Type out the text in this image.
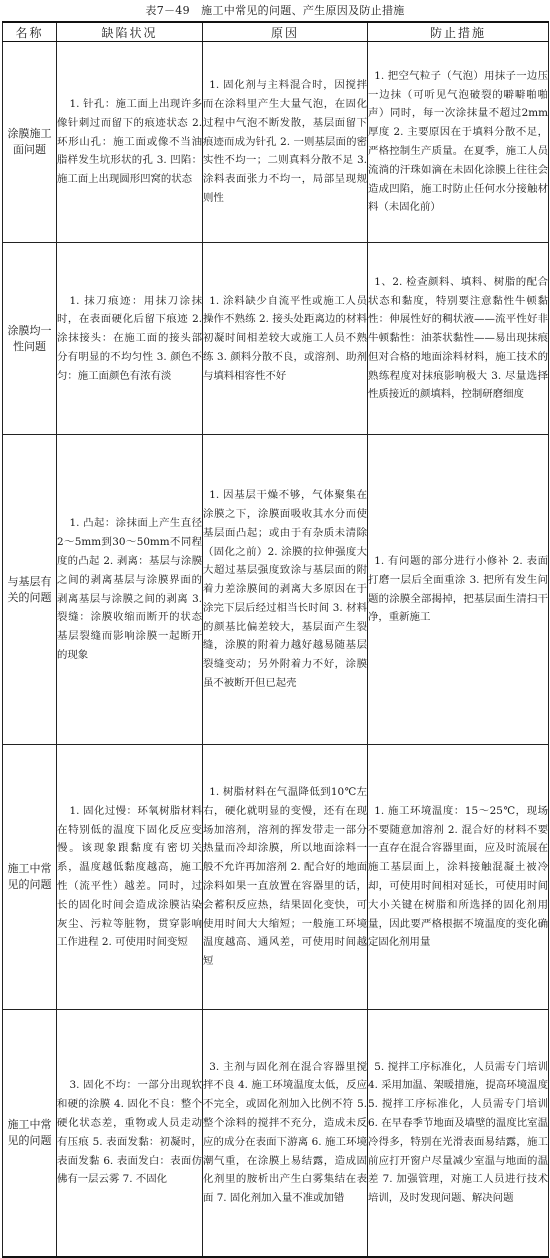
表7－49　施工中常见的问题、产生原因及防止措施
名称	缺陷状况	原因	防止措施
涂膜施工面问题	1. 针孔：施工面上出现许多像针刺过而留下的痕迹状态 2. 环形山孔：施工面或像不当油脂样发生坑形状的孔 3. 凹陷：施工面上出现圆形凹窝的状态	1. 固化剂与主料混合时，因搅拌而在涂料里产生大量气泡，在固化过程中气泡不断发散，基层面留下痕迹而成为针孔 2. 一则基层面的密实性不均一；二则真料分散不足 3. 涂料表面张力不均一，局部呈现规则性	1. 把空气粒子（气泡）用抹子一边压一边抹（可听见气泡破裂的噼噼啪啪声）同时，每一次涂抹量不超过2mm厚度 2. 主要原因在于填料分散不足，严格控制生产质量。在夏季，施工人员流淌的汗珠如滴在未固化涂膜上往往会造成凹陷，施工时防止任何水分接触材料（未固化前）
涂膜均一性问题	1. 抹刀痕迹：用抹刀涂抹时，在表面硬化后留下痕迹 2. 涂抹接头：在施工面的接头部分有明显的不均匀性 3. 颜色不匀：施工面颜色有浓有淡	1. 涂料缺少自流平性或施工人员操作不熟练 2. 接头处距离边的材料初凝时间相差较大或施工人员不熟练 3. 颜料分散不良，或溶剂、助剂与填料相容性不好	1、2. 检查颜料、填料、树脂的配合状态和黏度，特别要注意黏性牛顿黏性：伸展性好的稠状液——流平性好非牛顿黏性：油茶状黏性——易出现抹痕但对合格的地面涂料材料，施工技术的熟练程度对抹痕影响极大 3. 尽量选择性质接近的颜填料，控制研磨细度
与基层有关的问题	1. 凸起：涂抹面上产生直径2～5mm到30～50mm不同程度的凸起 2. 剥离：基层与涂膜之间的剥离基层与涂膜界面的剥离基层与涂膜之间的剥离 3. 裂缝：涂膜收缩而断开的状态基层裂缝而影响涂膜一起断开的现象	1. 因基层干燥不够，气体聚集在涂膜之下，涂膜面吸收其水分而使基层面凸起；或由于有杂质未清除（固化之前）2. 涂膜的拉伸强度大大超过基层强度致涂与基层面的附着力差涂膜间的剥离大多原因在于涂完下层后经过相当长时间 3. 材料的颜基比偏差较大，基层面产生裂缝，涂膜的附着力越好越易随基层裂缝变动；另外附着力不好，涂膜虽不被断开但已起壳	1. 有问题的部分进行小修补 2. 表面打磨一层后全面重涂 3. 把所有发生问题的涂膜全部揭掉，把基层面生清扫干净，重新施工
施工中常见的问题	1. 固化过慢：环氧树脂材料在特别低的温度下固化反应变慢。该现象跟黏度有密切关系，温度越低黏度越高，施工性（流平性）越差。同时，过长的固化时间会造成涂膜沾染灰尘、污粒等脏物，贯穿影响工作进程 2. 可使用时间变短	1. 树脂材料在气温降低到10℃左右，硬化就明显的变慢，还有在现场加溶剂，溶剂的挥发带走一部分热量而冷却涂膜，所以地面涂料一般不允许再加溶剂 2. 配合好的地面涂料如果一直放置在容器里的话，会蓄积反应热，结果固化变快，可使用时间大大缩短；一般施工环境温度越高、通风差，可使用时间越短	1. 施工环境温度：15～25℃，现场不要随意加溶剂 2. 混合好的材料不要一直存在混合容器里面，应及时流展在施工基层面上，涂料接触混凝土被冷却，可使用时间相对延长，可使用时间大小关键在树脂和所选择的固化剂用量，因此要严格根据不境温度的变化确定固化剂用量
施工中常见的问题	3. 固化不均：一部分出现软和硬的涂膜 4. 固化不良：整个硬化状态差，重物或人员走动有压痕 5. 表面发黏：初凝时，表面发黏 6. 表面发白：表面仿佛有一层云雾 7. 不固化	3. 主剂与固化剂在混合容器里搅拌不良 4. 施工环境温度太低，反应不完全，或固化剂加入比例不符 5. 整个涂料的搅拌不充分，造成未反应的成分在表面下游离 6. 施工环境潮气重，在涂膜上易结露，造成固化剂里的胺析出产生白雾集结在表面 7. 固化剂加入量不准或加错	5. 搅拌工序标准化，人员需专门培训 4. 采用加温、架暖措施，提高环境温度 5. 搅拌工序标准化，人员需专门培训 6. 在早春季节地面及墙壁的温度比室温冷得多，特别在光滑表面易结露，施工前应打开窗户尽量减少室温与地面的温差 7. 加强管理，对施工人员进行技术培训，及时发现问题、解决问题
